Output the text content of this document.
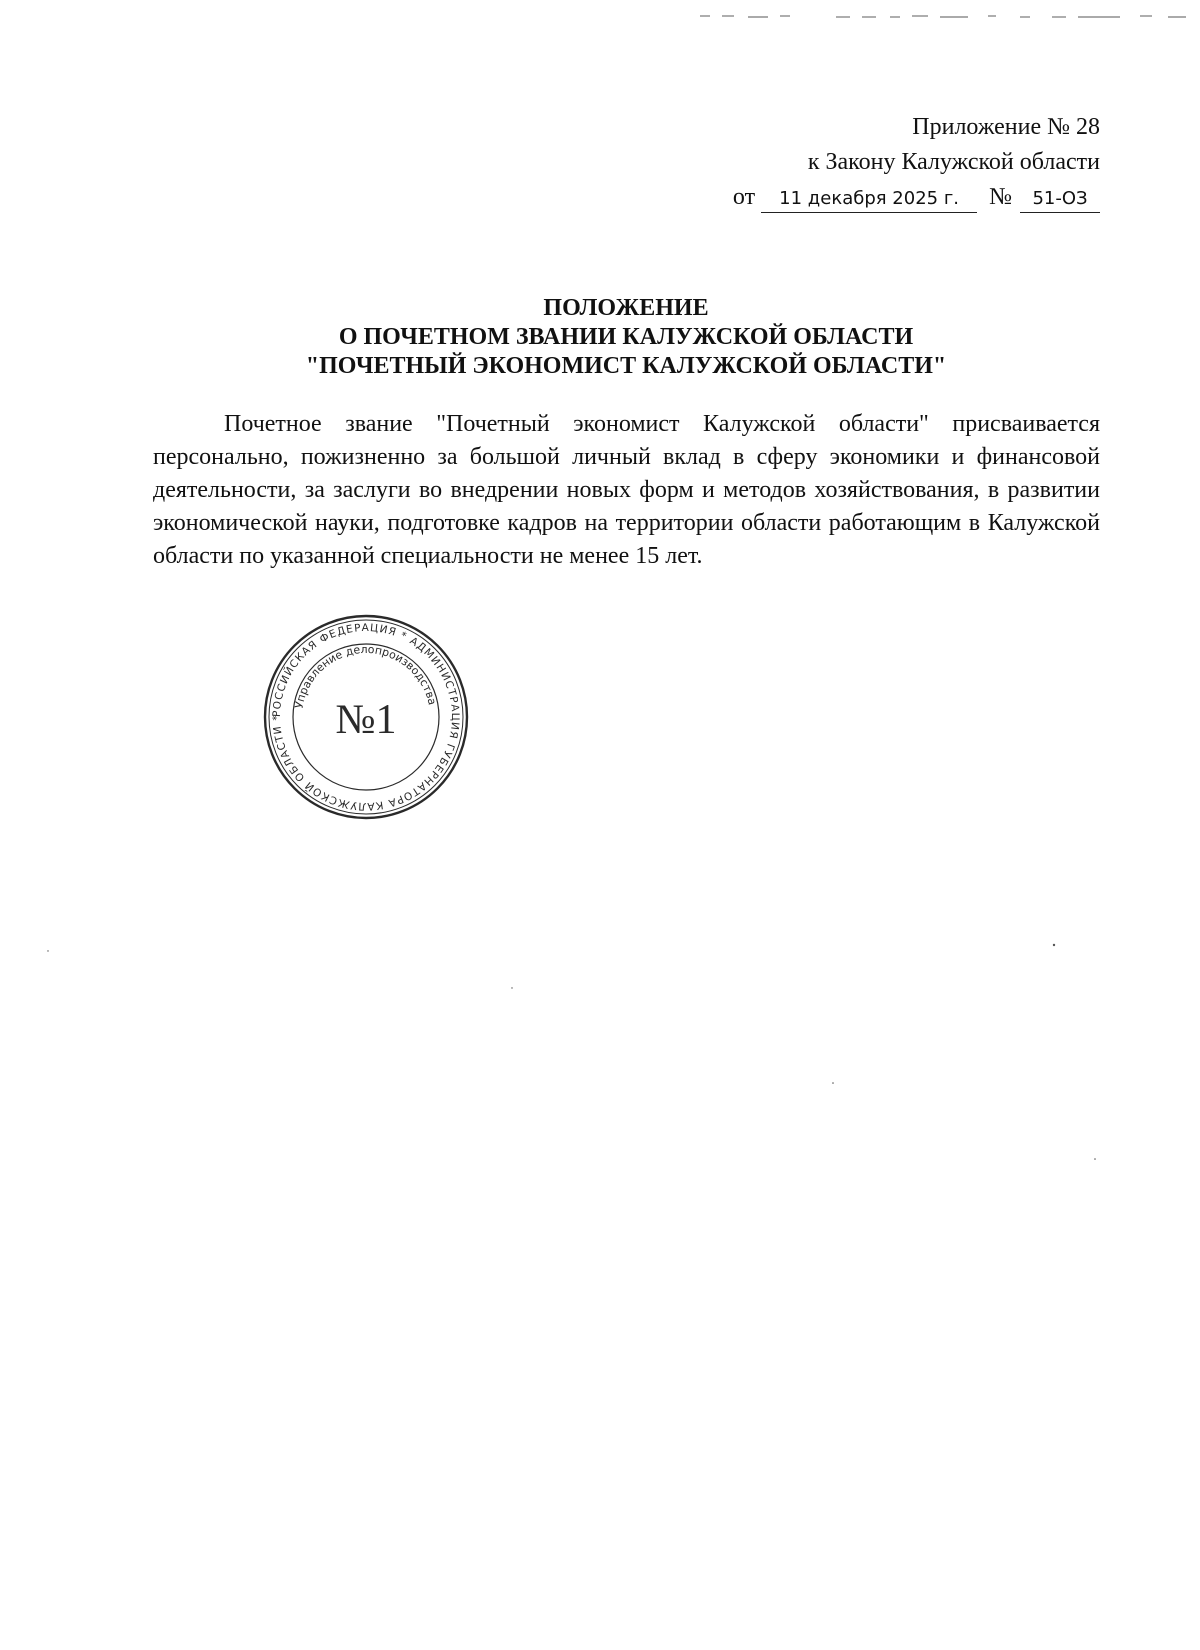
Приложение № 28
к Закону Калужской области
от 11 декабря 2025 г. № 51-ОЗ
ПОЛОЖЕНИЕ
О ПОЧЕТНОМ ЗВАНИИ КАЛУЖСКОЙ ОБЛАСТИ
"ПОЧЕТНЫЙ ЭКОНОМИСТ КАЛУЖСКОЙ ОБЛАСТИ"

Почетное звание "Почетный экономист Калужской области" присваивается персонально, пожизненно за большой личный вклад в сферу экономики и финансовой деятельности, за заслуги во внедрении новых форм и методов хозяйствования, в развитии экономической науки, подготовке кадров на территории области работающим в Калужской области по указанной специальности не менее 15 лет.

РОССИЙСКАЯ ФЕДЕРАЦИЯ * АДМИНИСТРАЦИЯ ГУБЕРНАТОРА КАЛУЖСКОЙ ОБЛАСТИ *
Управление делопроизводства
№1
